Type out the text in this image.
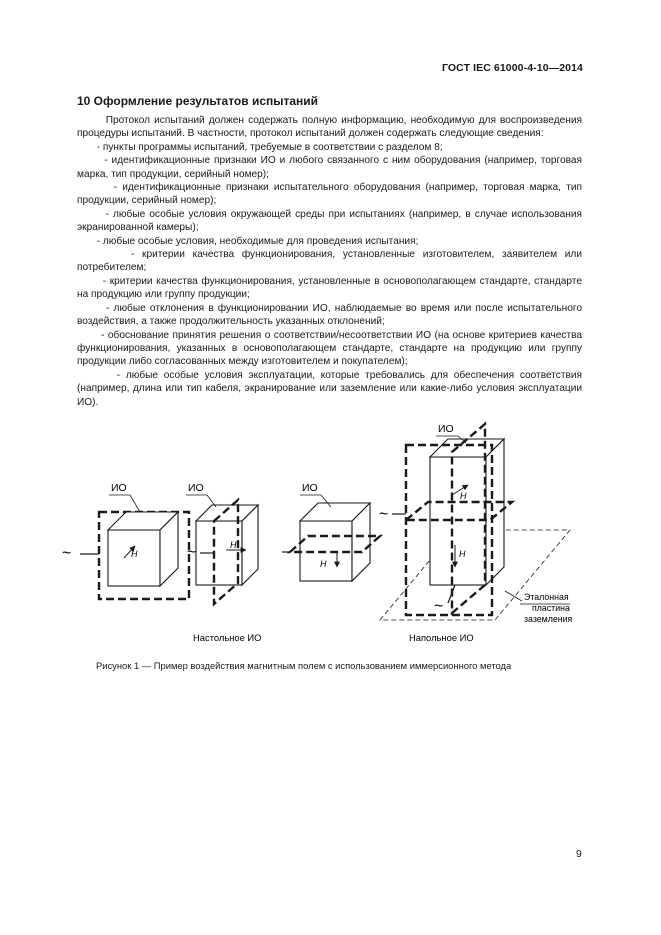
ГОСТ IEC 61000-4-10—2014
10 Оформление результатов испытаний

Протокол испытаний должен содержать полную информацию, необходимую для воспроизведения процедуры испытаний. В частности, протокол испытаний должен содержать следующие сведения:

- пункты программы испытаний, требуемые в соответствии с разделом 8;

- идентификационные признаки ИО и любого связанного с ним оборудования (например, торговая марка, тип продукции, серийный номер);

- идентификационные признаки испытательного оборудования (например, торговая марка, тип продукции, серийный номер);

- любые особые условия окружающей среды при испытаниях (например, в случае использования экранированной камеры);

- любые особые условия, необходимые для проведения испытания;

- критерии качества функционирования, установленные изготовителем, заявителем или потребителем;

- критерии качества функционирования, установленные в основополагающем стандарте, стандарте на продукцию или группу продукции;

- любые отклонения в функционировании ИО, наблюдаемые во время или после испытательного воздействия, а также продолжительность указанных отклонений;

- обоснование принятия решения о соответствии/несоответствии ИО (на основе критериев качества функционирования, указанных в основополагающем стандарте, стандарте на продукцию или группу продукции либо согласованных между изготовителем и покупателем);

- любые особые условия эксплуатации, которые требовались для обеспечения соответствия (например, длина или тип кабеля, экранирование или заземление или какие-либо условия эксплуатации ИО).

ИО
H
~
ИО
H
~
ИО
H
ИО
H
H
~
~
Эталонная
пластина
заземления
Настольное ИО	Напольное ИО

Рисунок 1 — Пример воздействия магнитным полем с использованием иммерсионного метода

9
